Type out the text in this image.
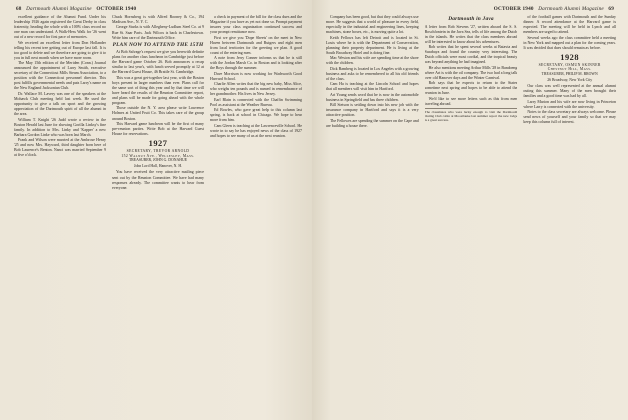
68 Dartmouth Alumni Magazine OCTOBER 1940

excellent guidance of the Alumni Fund. Under his leadership 1926 again registered the Great Derby in class fraternity, heading the whole with a 100% class record no one man can understand. A Walk-Hess Walk for '26 went out of a new record for first pace of memories.

We received an excellent letter from Don Hollander telling his recent tree getting out of Europe last fall. It is too good to delete and we therefore are going to give it to you in full next month when we have more room.

The May 15th edition of the Meriden (Conn.) Journal announced the appointment of Larry Smith, executive secretary of the Connecticut Mills Steam Association, to a position with the Connecticut personnel director. This post fulfills governmental needs and puts Larry's name on the New England Jacksonian Club.

Dr. Wallace M. Lavery was one of the speakers at the Mohawk Club meeting held last week. He used the opportunity to give a talk on sport and the growing appreciation of the Dartmouth spirit of all the alumni in the area.

William T. Knight '26 Judd wrote a review in the Boston Herald last June for showing Gorilla Linksy's fine family. In addition to Mrs. Linky and 'Kapper' a new Barbara Gordon Linke who was born last March.

Frank and Wilson were married at the Ambrose Henry '25 and now Mrs. Hayward, third daughter born here of Bob Laurence's Benton. Nanci was married September 9 at five o'clock.

Chuck Hornsberg is with Alfred Rooney & Co., 194 Madison Ave., N. Y. C.

George Starks is with Allegheny-Ludlum Steel Co. at 9 Rue St. Saar Paris. Jack Wilcox is back in Charlestown. Write him care of the Dartmouth Office.

PLAN NOW TO ATTEND THE 15TH

At Bob Salvage's request we give you herewith definite plans for another class luncheon in Cambridge just before the Harvard game October 26. Bob announces a recap similar to last year's, with lunch served promptly at 12 at the Harvard Guest House, 46 Brattle St. Cambridge.

This was a great get-together last year, with the Boston boys present in larger numbers than ever. Plans call for the same sort of thing this year and by that time we will have heard the results of the Reunion Committee report, and plans will be made for going ahead with the whole program.

Those outside the N. Y. area please write Lawrence Holmes at United Fruit Co. This takes care of the group around Boston.

This Harvard game luncheon will be the first of many pre-reunion parties. Write Bob at the Harvard Guest House for reservations.

1927
SECRETARY, TREVOR ARNOLD
152 Walnut Ave., Wellesley, Mass.
TREASURER, JOHN G. DONAHUE
John Lord Hall, Hanover, N. H.

You have received the very attractive mailing piece sent out by the Reunion Committee. We have had many responses already. The committee wants to hear from everyone.

a check in payment of the bill for the class dues and the Magazine if you have as yet not done so. Prompt payment insures your class organization continued success and your prompt remittance now.

First we give you 'Dope Sheets' on the meet in New Haven between Dartmouth and Rutgers and eight men from local territories for the greeting we plan. A good count of the entering men.

A note from Jerry Conner informs us that he is still with the Jordan Marsh Co. in Boston and is looking after the Boys through the summer.

Dave Morrison is now working for Wadsworth Good Harvard School.

Charlie Allen writes that the big new baby, Miss Alice, who weighs ten pounds and is named in remembrance of her grandmother. His lives in New Jersey.

Earl Blain is connected with the Chaffin Swimming Pool as assistant at the Weather Bureau.

Ed Bowles, who gave great help to this column last spring, is back at school in Chicago. We hope to hear more from him.

Cam Gleen is teaching at the Lawrenceville School. He wrote in to say he has enjoyed news of the class of 1927 and hopes to see many of us at the next reunion.

OCTOBER 1940 Dartmouth Alumni Magazine 69

Company has been good, but that they could always use more. He suggests that a world of pleasure in every field, especially in the industrial and engineering lines, keeping machines, stone boxes, etc., is moving quite a lot.

Keith Fellows has left Detroit and is located in St. Louis where he is with the Department of Conservation, planning their property department. He is living at the South Broadway Hotel and is doing fine.

Mac Weston and his wife are spending time at the shore with the children.

Dick Bamberg is located in Los Angeles with a growing business and asks to be remembered to all his old friends of the class.

Cam Ha is teaching at the Lincoln School and hopes that all members will visit him in Hartford.

Art Young sends word that he is now in the automobile business in Springfield and has three children.

Bill Stetson is settling down into his new job with the insurance company in Hartford and says it is a very attractive position.

The Fellowes are spending the summer on the Cape and are building a house there.

Dartmouth in Java

A letter from Rob Stevens '27, written aboard the S. S. Boschfontein in the Java Sea, tells of life among the Dutch in the islands. He writes that the class members abroad will be interested to know about his adventures.

Rob writes that he spent several weeks at Batavia and Surabaya and found the country very interesting. The Dutch officials were most cordial, and the tropical beauty was beyond anything he had imagined.

He also mentions meeting Arthur Mills '28 in Bandoeng where Art is with the oil company. The two had a long talk over old Hanover days and the Winter Carnival.

Rob says that he expects to return to the States sometime next spring and hopes to be able to attend the reunion in June.

We'd like to see more letters such as this from men traveling abroad.

The classmates who were lucky enough to visit the Dartmouth Outing Club cabin at Moosilauke last summer report the new lodge is a great success.

of the football games with Dartmouth and the Sunday dinner. A record attendance at the Harvard game is expected. The meeting will be held in Lynch and all members are urged to attend.

Several weeks ago the class committee held a meeting in New York and mapped out a plan for the coming years. It was decided that dues should remain as before.

1928
SECRETARY, OSMUN SKINNER
Chestnut Hill, Mass.
TREASURER, PHILIP M. BROWN
26 Broadway, New York City

Our class was well represented at the annual alumni outing this summer. Many of the men brought their families and a good time was had by all.

Larry Marion and his wife are now living in Princeton where Larry is connected with the university.

Notes to the class secretary are always welcome. Please send news of yourself and your family so that we may keep this column full of interest.
